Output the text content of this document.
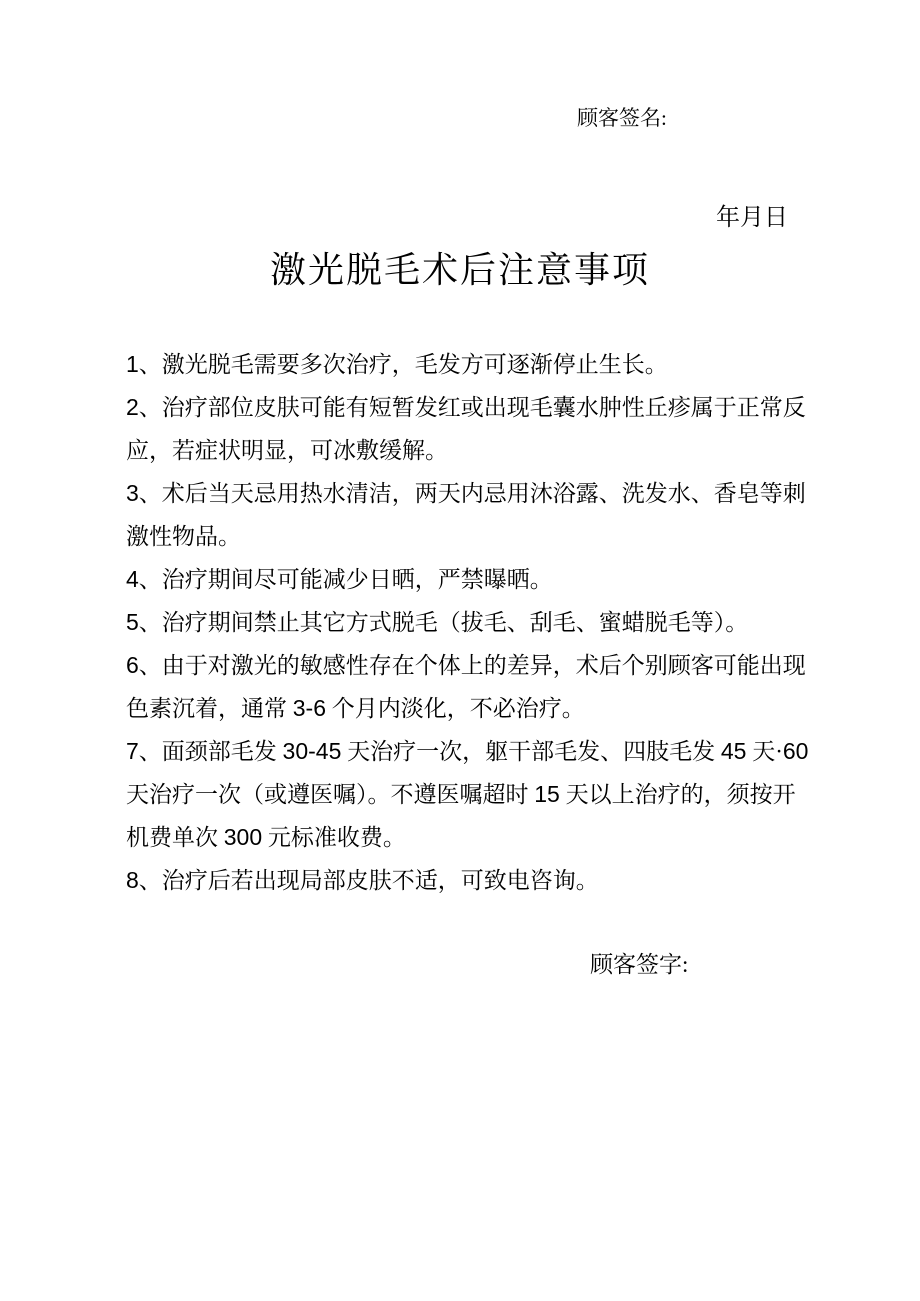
顾客签名:
年月日
激光脱毛术后注意事项
1、激光脱毛需要多次治疗，毛发方可逐渐停止生长。
2、治疗部位皮肤可能有短暂发红或出现毛囊水肿性丘疹属于正常反
应，若症状明显，可冰敷缓解。
3、术后当天忌用热水清洁，两天内忌用沐浴露、洗发水、香皂等刺
激性物品。
4、治疗期间尽可能减少日晒，严禁曝晒。
5、治疗期间禁止其它方式脱毛（拔毛、刮毛、蜜蜡脱毛等）。
6、由于对激光的敏感性存在个体上的差异，术后个别顾客可能出现
色素沉着，通常 3-6 个月内淡化，不必治疗。
7、面颈部毛发 30-45 天治疗一次，躯干部毛发、四肢毛发 45 天·60
天治疗一次（或遵医嘱）。不遵医嘱超时 15 天以上治疗的，须按开
机费单次 300 元标准收费。
8、治疗后若出现局部皮肤不适，可致电咨询。
顾客签字:
